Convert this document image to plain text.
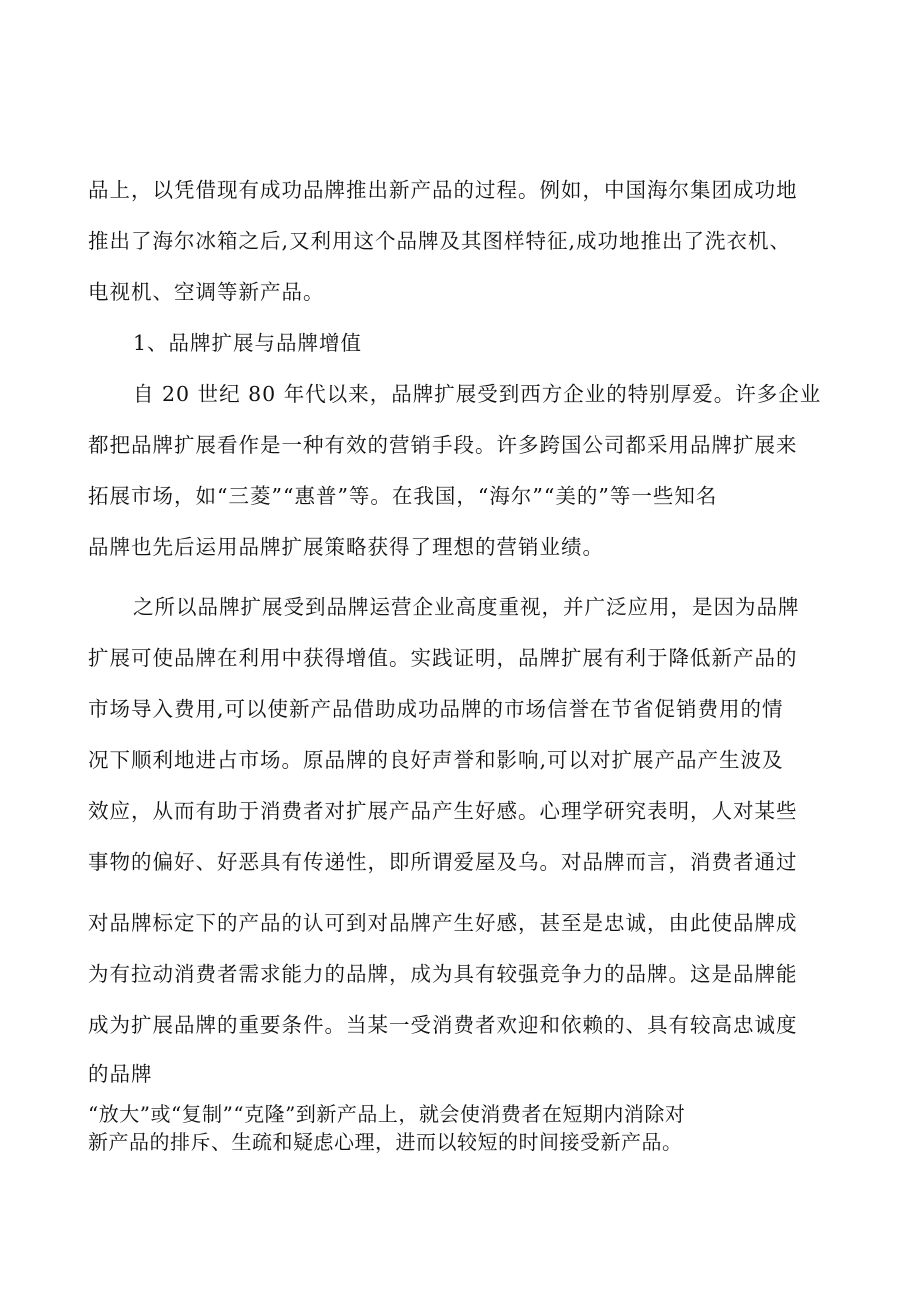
品上，以凭借现有成功品牌推出新产品的过程。例如，中国海尔集团成功地
推出了海尔冰箱之后,又利用这个品牌及其图样特征,成功地推出了洗衣机、
电视机、空调等新产品。
1、品牌扩展与品牌增值
自 20 世纪 80 年代以来，品牌扩展受到西方企业的特别厚爱。许多企业
都把品牌扩展看作是一种有效的营销手段。许多跨国公司都采用品牌扩展来
拓展市场，如“三菱”“惠普”等。在我国，“海尔”“美的”等一些知名
品牌也先后运用品牌扩展策略获得了理想的营销业绩。
之所以品牌扩展受到品牌运营企业高度重视，并广泛应用，是因为品牌
扩展可使品牌在利用中获得增值。实践证明，品牌扩展有利于降低新产品的
市场导入费用,可以使新产品借助成功品牌的市场信誉在节省促销费用的情
况下顺利地进占市场。原品牌的良好声誉和影响,可以对扩展产品产生波及
效应，从而有助于消费者对扩展产品产生好感。心理学研究表明，人对某些
事物的偏好、好恶具有传递性，即所谓爱屋及乌。对品牌而言，消费者通过
对品牌标定下的产品的认可到对品牌产生好感，甚至是忠诚，由此使品牌成
为有拉动消费者需求能力的品牌，成为具有较强竞争力的品牌。这是品牌能
成为扩展品牌的重要条件。当某一受消费者欢迎和依赖的、具有较高忠诚度
的品牌
“放大”或“复制”“克隆”到新产品上，就会使消费者在短期内消除对
新产品的排斥、生疏和疑虑心理，进而以较短的时间接受新产品。
